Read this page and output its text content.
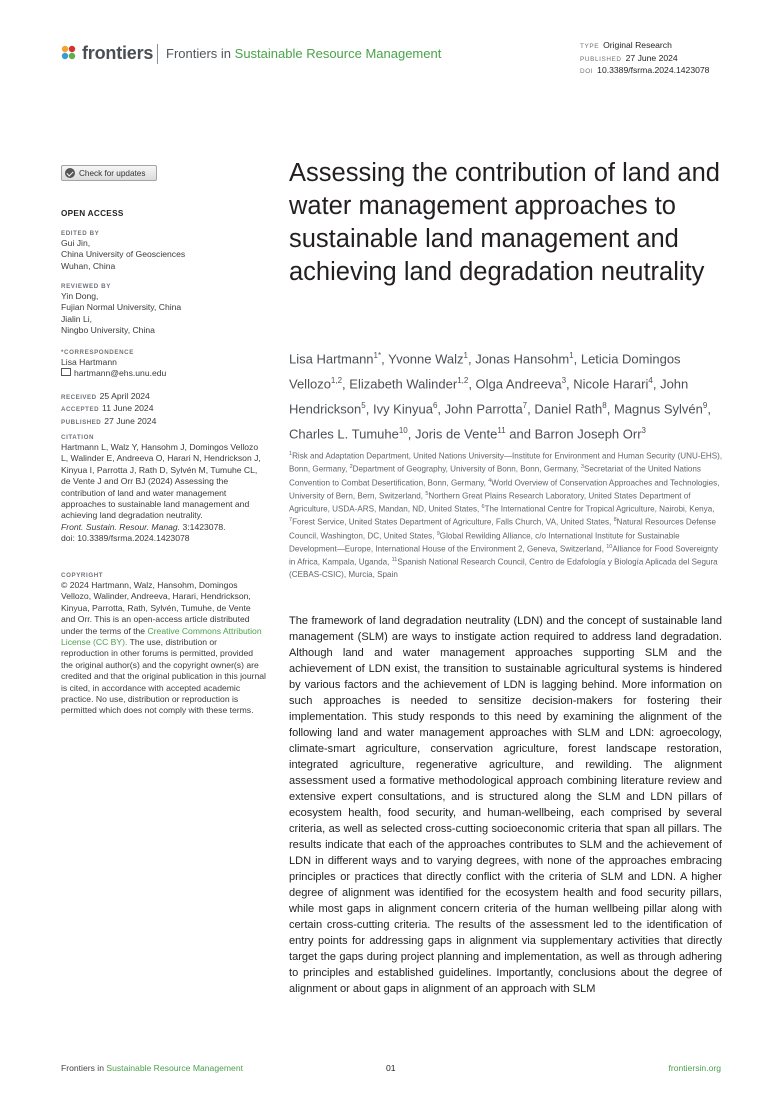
frontiers Frontiers in Sustainable Resource Management	TYPE Original Research
PUBLISHED 27 June 2024
DOI 10.3389/fsrma.2024.1423078
Check for updates
OPEN ACCESS
EDITED BY
Gui Jin,
China University of Geosciences
Wuhan, China
REVIEWED BY
Yin Dong,
Fujian Normal University, China
Jialin Li,
Ningbo University, China
*CORRESPONDENCE
Lisa Hartmann
hartmann@ehs.unu.edu
RECEIVED 25 April 2024
ACCEPTED 11 June 2024
PUBLISHED 27 June 2024
CITATION
Hartmann L, Walz Y, Hansohm J, Domingos Vellozo L, Walinder E, Andreeva O, Harari N, Hendrickson J, Kinyua I, Parrotta J, Rath D, Sylvén M, Tumuhe CL, de Vente J and Orr BJ (2024) Assessing the contribution of land and water management approaches to sustainable land management and achieving land degradation neutrality.
Front. Sustain. Resour. Manag. 3:1423078.
doi: 10.3389/fsrma.2024.1423078
COPYRIGHT
© 2024 Hartmann, Walz, Hansohm, Domingos Vellozo, Walinder, Andreeva, Harari, Hendrickson, Kinyua, Parrotta, Rath, Sylvén, Tumuhe, de Vente and Orr. This is an open-access article distributed under the terms of the Creative Commons Attribution License (CC BY). The use, distribution or reproduction in other forums is permitted, provided the original author(s) and the copyright owner(s) are credited and that the original publication in this journal is cited, in accordance with accepted academic practice. No use, distribution or reproduction is permitted which does not comply with these terms.
Assessing the contribution of land and water management approaches to sustainable land management and achieving land degradation neutrality
Lisa Hartmann$^{1*}$, Yvonne Walz$^1$, Jonas Hansohm$^1$, Leticia Domingos Vellozo$^{1,2}$, Elizabeth Walinder$^{1,2}$, Olga Andreeva$^3$, Nicole Harari$^4$, John Hendrickson$^5$, Ivy Kinyua$^6$, John Parrotta$^7$, Daniel Rath$^8$, Magnus Sylvén$^9$, Charles L. Tumuhe$^{10}$, Joris de Vente$^{11}$ and Barron Joseph Orr$^3$
$^1$Risk and Adaptation Department, United Nations University—Institute for Environment and Human Security (UNU-EHS), Bonn, Germany, $^2$Department of Geography, University of Bonn, Bonn, Germany, $^3$Secretariat of the United Nations Convention to Combat Desertification, Bonn, Germany, $^4$World Overview of Conservation Approaches and Technologies, University of Bern, Bern, Switzerland, $^5$Northern Great Plains Research Laboratory, United States Department of Agriculture, USDA-ARS, Mandan, ND, United States, $^6$The International Centre for Tropical Agriculture, Nairobi, Kenya, $^7$Forest Service, United States Department of Agriculture, Falls Church, VA, United States, $^8$Natural Resources Defense Council, Washington, DC, United States, $^9$Global Rewilding Alliance, c/o International Institute for Sustainable Development—Europe, International House of the Environment 2, Geneva, Switzerland, $^{10}$Alliance for Food Sovereignty in Africa, Kampala, Uganda, $^{11}$Spanish National Research Council, Centro de Edafología y Biología Aplicada del Segura (CEBAS-CSIC), Murcia, Spain
The framework of land degradation neutrality (LDN) and the concept of sustainable land management (SLM) are ways to instigate action required to address land degradation. Although land and water management approaches supporting SLM and the achievement of LDN exist, the transition to sustainable agricultural systems is hindered by various factors and the achievement of LDN is lagging behind. More information on such approaches is needed to sensitize decision-makers for fostering their implementation. This study responds to this need by examining the alignment of the following land and water management approaches with SLM and LDN: agroecology, climate-smart agriculture, conservation agriculture, forest landscape restoration, integrated agriculture, regenerative agriculture, and rewilding. The alignment assessment used a formative methodological approach combining literature review and extensive expert consultations, and is structured along the SLM and LDN pillars of ecosystem health, food security, and human-wellbeing, each comprised by several criteria, as well as selected cross-cutting socioeconomic criteria that span all pillars. The results indicate that each of the approaches contributes to SLM and the achievement of LDN in different ways and to varying degrees, with none of the approaches embracing principles or practices that directly conflict with the criteria of SLM and LDN. A higher degree of alignment was identified for the ecosystem health and food security pillars, while most gaps in alignment concern criteria of the human wellbeing pillar along with certain cross-cutting criteria. The results of the assessment led to the identification of entry points for addressing gaps in alignment via supplementary activities that directly target the gaps during project planning and implementation, as well as through adhering to principles and established guidelines. Importantly, conclusions about the degree of alignment or about gaps in alignment of an approach with SLM
Frontiers in Sustainable Resource Management	01	frontiersin.org
